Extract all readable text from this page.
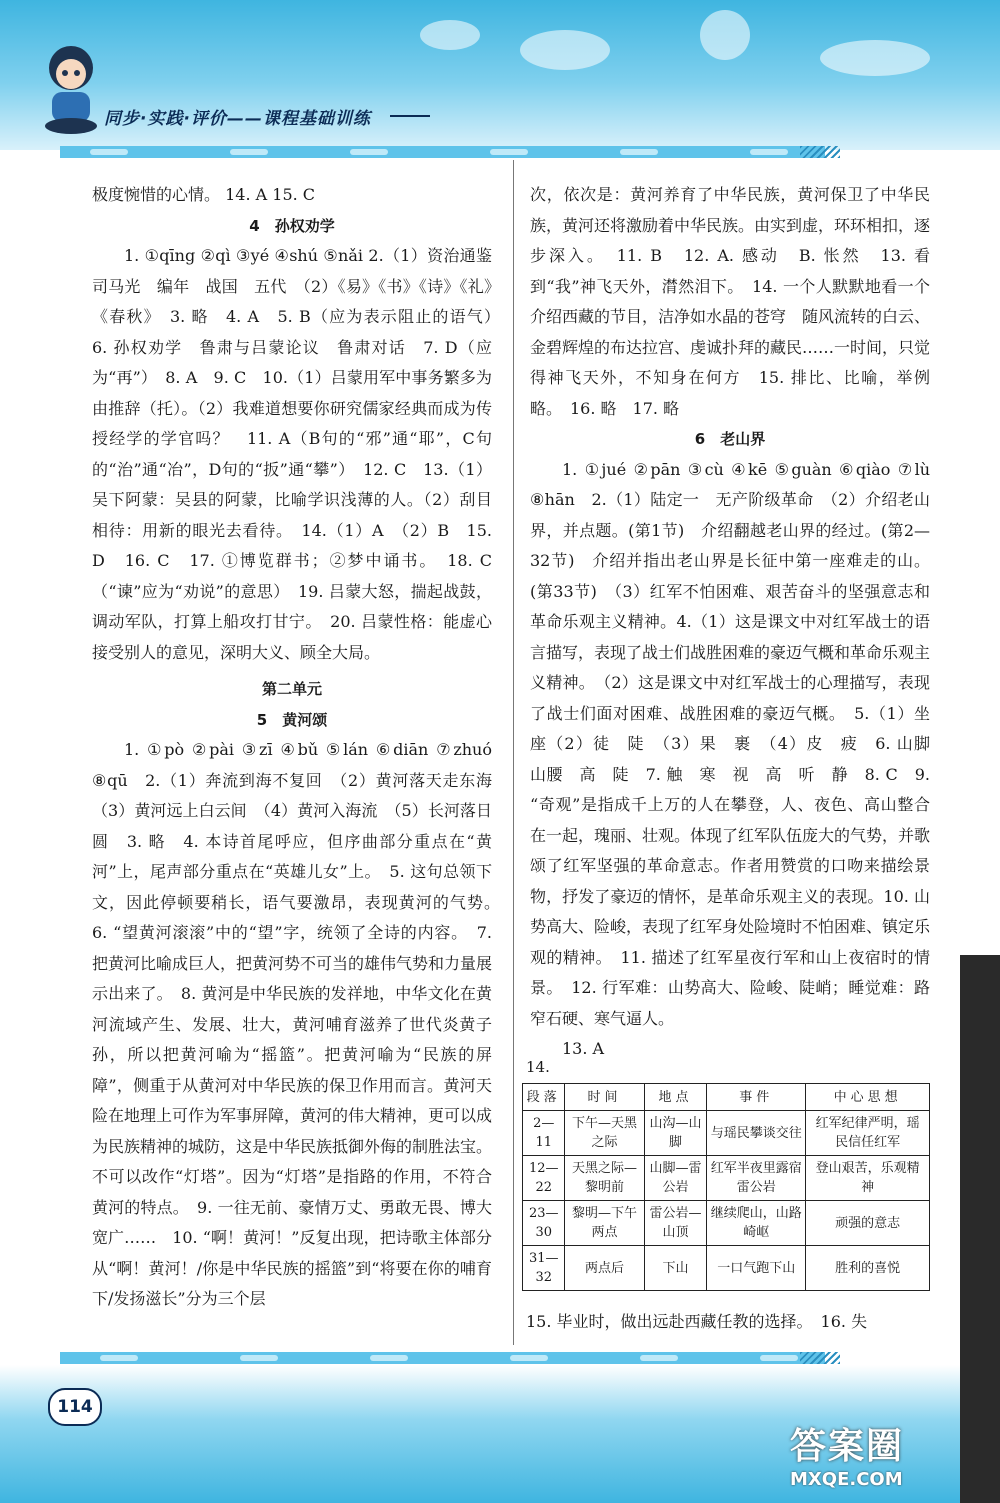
同步·实践·评价——课程基础训练

极度惋惜的心情。 14. A 15. C

4　孙权劝学

1. ①qīng ②qì ③yé ④shú ⑤nǎi 2.（1）资治通鉴　司马光　编年　战国　五代　（2）《易》《书》《诗》《礼》《春秋》　3. 略　4. A　5. B（应为表示阻止的语气）　6. 孙权劝学　鲁肃与吕蒙论议　鲁肃对话　7. D（应为“再”）　8. A　9. C　10.（1）吕蒙用军中事务繁多为由推辞（托）。（2）我难道想要你研究儒家经典而成为传授经学的学官吗？　11. A（B句的“邪”通“耶”，C句的“治”通“冶”，D句的“扳”通“攀”）　12. C　13.（1）吴下阿蒙：吴县的阿蒙，比喻学识浅薄的人。（2）刮目相待：用新的眼光去看待。　14.（1）A　（2）B　15. D　16. C　17. ①博览群书；②梦中诵书。　18. C（“谏”应为“劝说”的意思）　19. 吕蒙大怒，揣起战鼓，调动军队，打算上船攻打甘宁。　20. 吕蒙性格：能虚心接受别人的意见，深明大义、顾全大局。

第二单元

5　黄河颂

1. ①pò ②pài ③zī ④bǔ ⑤lán ⑥diān ⑦zhuó ⑧qū　2.（1）奔流到海不复回　（2）黄河落天走东海　（3）黄河远上白云间　（4）黄河入海流　（5）长河落日圆　3. 略　4. 本诗首尾呼应，但序曲部分重点在“黄河”上，尾声部分重点在“英雄儿女”上。　5. 这句总领下文，因此停顿要稍长，语气要激昂，表现黄河的气势。　6. “望黄河滚滚”中的“望”字，统领了全诗的内容。　7. 把黄河比喻成巨人，把黄河势不可当的雄伟气势和力量展示出来了。　8. 黄河是中华民族的发祥地，中华文化在黄河流域产生、发展、壮大，黄河哺育滋养了世代炎黄子孙，所以把黄河喻为“摇篮”。把黄河喻为“民族的屏障”，侧重于从黄河对中华民族的保卫作用而言。黄河天险在地理上可作为军事屏障，黄河的伟大精神，更可以成为民族精神的城防，这是中华民族抵御外侮的制胜法宝。不可以改作“灯塔”。因为“灯塔”是指路的作用，不符合黄河的特点。　9. 一往无前、豪情万丈、勇敢无畏、博大宽广……　10. “啊！黄河！”反复出现，把诗歌主体部分从“啊！黄河！/你是中华民族的摇篮”到“将要在你的哺育下/发扬滋长”分为三个层

次，依次是：黄河养育了中华民族，黄河保卫了中华民族，黄河还将激励着中华民族。由实到虚，环环相扣，逐步深入。　11. B　12. A. 感动　B. 怅然　13. 看到“我”神飞天外，潸然泪下。　14. 一个人默默地看一个介绍西藏的节目，洁净如水晶的苍穹　随风流转的白云、金碧辉煌的布达拉宫、虔诚扑拜的藏民……一时间，只觉得神飞天外，不知身在何方　15. 排比、比喻，举例　略。　16. 略　17. 略

6　老山界

1. ①jué ②pān ③cù ④kē ⑤guàn ⑥qiào ⑦lù ⑧hān　2.（1）陆定一　无产阶级革命　（2）介绍老山界，并点题。(第1节)　介绍翻越老山界的经过。(第2—32节)　介绍并指出老山界是长征中第一座难走的山。(第33节)　（3）红军不怕困难、艰苦奋斗的坚强意志和革命乐观主义精神。4.（1）这是课文中对红军战士的语言描写，表现了战士们战胜困难的豪迈气概和革命乐观主义精神。　（2）这是课文中对红军战士的心理描写，表现了战士们面对困难、战胜困难的豪迈气概。　5.（1）坐　座（2）徒　陡　（3）果　裹　（4）皮　疲　6. 山脚　山腰　高　陡　7. 触　寒　视　高　听　静　8. C　9. “奇观”是指成千上万的人在攀登，人、夜色、高山整合在一起，瑰丽、壮观。体现了红军队伍庞大的气势，并歌颂了红军坚强的革命意志。作者用赞赏的口吻来描绘景物，抒发了豪迈的情怀，是革命乐观主义的表现。10. 山势高大、险峻，表现了红军身处险境时不怕困难、镇定乐观的精神。　11. 描述了红军星夜行军和山上夜宿时的情景。　12. 行军难：山势高大、险峻、陡峭；睡觉难：路窄石硬、寒气逼人。

13. A

14.
段落	时间	地点	事件	中心思想
2—11	下午—天黑之际	山沟—山脚	与瑶民攀谈交往	红军纪律严明，瑶民信任红军
12—22	天黑之际—黎明前	山脚—雷公岩	红军半夜里露宿雷公岩	登山艰苦，乐观精神
23—30	黎明—下午两点	雷公岩—山顶	继续爬山，山路崎岖	顽强的意志
31—32	两点后	下山	一口气跑下山	胜利的喜悦
15. 毕业时，做出远赴西藏任教的选择。　16. 失
114
答案圈
MXQE.COM
